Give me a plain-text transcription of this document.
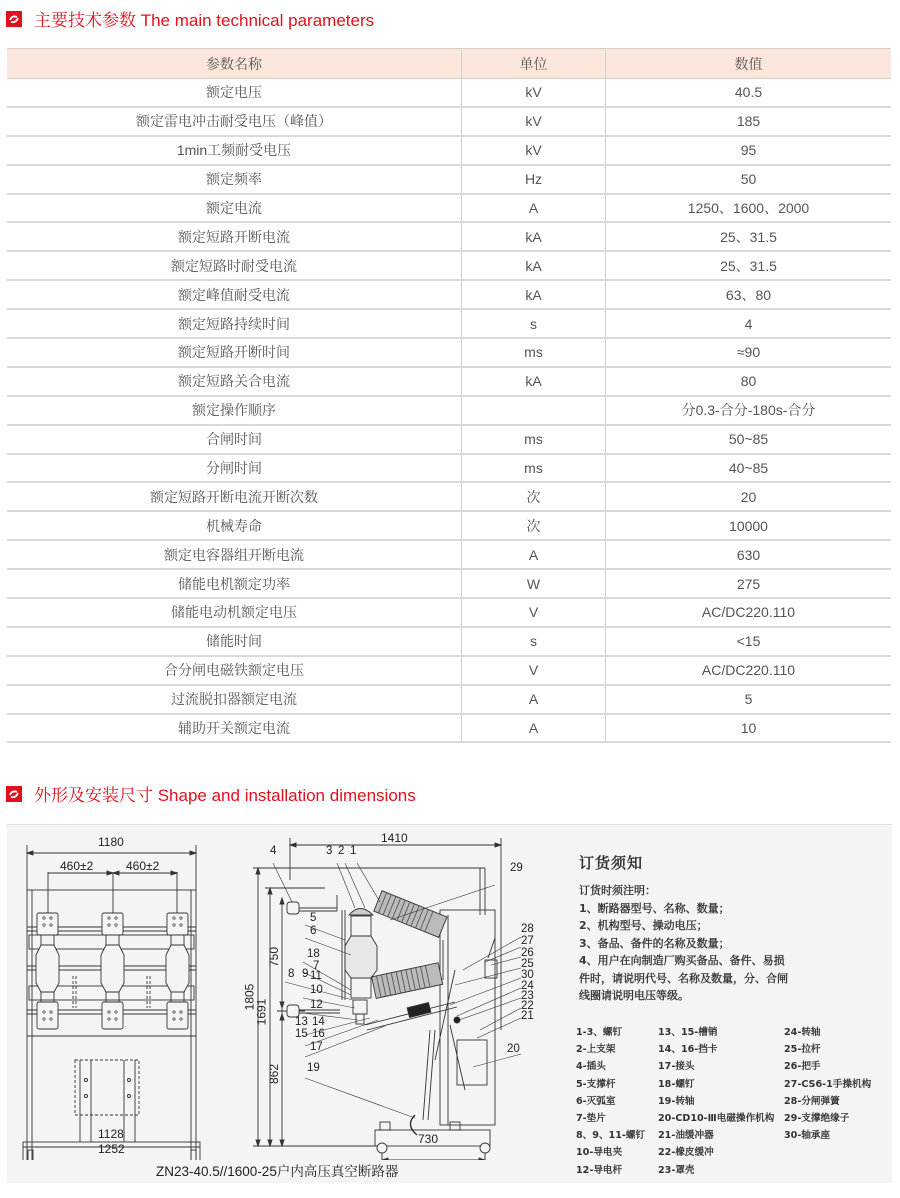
主要技术参数 The main technical parameters
参数名称	单位	数值
额定电压	kV	40.5
额定雷电冲击耐受电压（峰值）	kV	185
1min工频耐受电压	kV	95
额定频率	Hz	50
额定电流	A	1250、1600、2000
额定短路开断电流	kA	25、31.5
额定短路时耐受电流	kA	25、31.5
额定峰值耐受电流	kA	63、80
额定短路持续时间	s	4
额定短路开断时间	ms	≈90
额定短路关合电流	kA	80
额定操作顺序		分0.3-合分-180s-合分
合闸时间	ms	50~85
分闸时间	ms	40~85
额定短路开断电流开断次数	次	20
机械寿命	次	10000
额定电容器组开断电流	A	630
储能电机额定功率	W	275
储能电动机额定电压	V	AC/DC220.110
储能时间	s	<15
合分闸电磁铁额定电压	V	AC/DC220.110
过流脱扣器额定电流	A	5
辅助开关额定电流	A	10
外形及安装尺寸 Shape and installation dimensions
1180
460±2	460±2
1128
1252
1410
1805
1691
750
862
730
4	3 2 1
5
6
18
7
8 9 11
10
12
13 14
15 16
17
19
29
28
27
26
25
30
24
23
22
21
20
ZN23-40.5//1600-25户内高压真空断路器
订货须知
订货时须注明：
1、断路器型号、名称、数量；
2、机构型号、操动电压；
3、备品、备件的名称及数量；
4、用户在向制造厂购买备品、备件、易损
件时，请说明代号、名称及数量，分、合闸
线圈请说明电压等级。
1-3、螺钉
2-上支架
4-插头
5-支撑杆
6-灭弧室
7-垫片
8、9、11-螺钉
10-导电夹
12-导电杆
13、15-槽销
14、16-挡卡
17-接头
18-螺钉
19-转轴
20-CD10-Ⅲ电磁操作机构
21-油缓冲器
22-橡皮缓冲
23-罩壳
24-转轴
25-拉杆
26-把手
27-CS6-1手操机构
28-分闸弹簧
29-支撑绝缘子
30-轴承座
